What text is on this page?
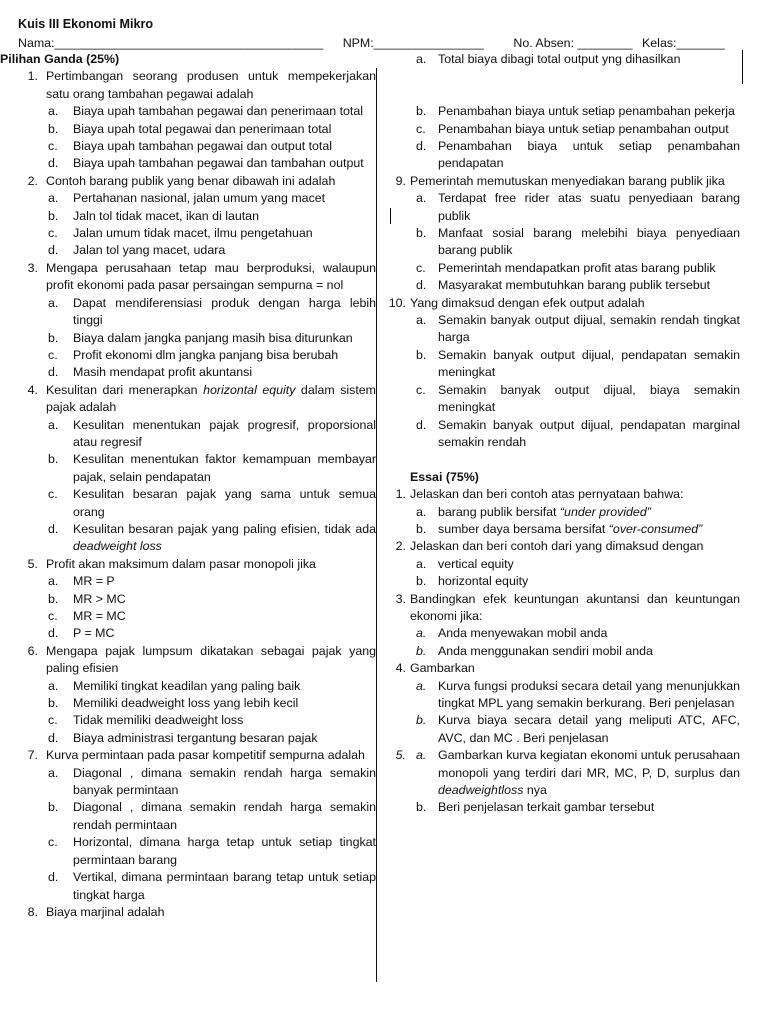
Kuis III Ekonomi Mikro
Nama:_______________________________________ NPM:________________ No. Absen: ________ Kelas:_______
Pilihan Ganda (25%)
1. Pertimbangan seorang produsen untuk mempekerjakan satu orang tambahan pegawai adalah
a. Biaya upah tambahan pegawai dan penerimaan total
b. Biaya upah total pegawai dan penerimaan total
c. Biaya upah tambahan pegawai dan output total
d. Biaya upah tambahan pegawai dan tambahan output
2. Contoh barang publik yang benar dibawah ini adalah
a. Pertahanan nasional, jalan umum yang macet
b. Jaln tol tidak macet, ikan di lautan
c. Jalan umum tidak macet, ilmu pengetahuan
d. Jalan tol yang macet, udara
3. Mengapa perusahaan tetap mau berproduksi, walaupun profit ekonomi pada pasar persaingan sempurna = nol
a. Dapat mendiferensiasi produk dengan harga lebih tinggi
b. Biaya dalam jangka panjang masih bisa diturunkan
c. Profit ekonomi dlm jangka panjang bisa berubah
d. Masih mendapat profit akuntansi
4. Kesulitan dari menerapkan horizontal equity dalam sistem pajak adalah
a. Kesulitan menentukan pajak progresif, proporsional atau regresif
b. Kesulitan menentukan faktor kemampuan membayar pajak, selain pendapatan
c. Kesulitan besaran pajak yang sama untuk semua orang
d. Kesulitan besaran pajak yang paling efisien, tidak ada deadweight loss
5. Profit akan maksimum dalam pasar monopoli jika
a. MR = P
b. MR > MC
c. MR = MC
d. P = MC
6. Mengapa pajak lumpsum dikatakan sebagai pajak yang paling efisien
a. Memiliki tingkat keadilan yang paling baik
b. Memiliki deadweight loss yang lebih kecil
c. Tidak memiliki deadweight loss
d. Biaya administrasi tergantung besaran pajak
7. Kurva permintaan pada pasar kompetitif sempurna adalah
a. Diagonal , dimana semakin rendah harga semakin banyak permintaan
b. Diagonal , dimana semakin rendah harga semakin rendah permintaan
c. Horizontal, dimana harga tetap untuk setiap tingkat permintaan barang
d. Vertikal, dimana permintaan barang tetap untuk setiap tingkat harga
8. Biaya marjinal adalah
a. Total biaya dibagi total output yng dihasilkan
b. Penambahan biaya untuk setiap penambahan pekerja
c. Penambahan biaya untuk setiap penambahan output
d. Penambahan biaya untuk setiap penambahan pendapatan
9. Pemerintah memutuskan menyediakan barang publik jika
a. Terdapat free rider atas suatu penyediaan barang publik
b. Manfaat sosial barang melebihi biaya penyediaan barang publik
c. Pemerintah mendapatkan profit atas barang publik
d. Masyarakat membutuhkan barang publik tersebut
10. Yang dimaksud dengan efek output adalah
a. Semakin banyak output dijual, semakin rendah tingkat harga
b. Semakin banyak output dijual, pendapatan semakin meningkat
c. Semakin banyak output dijual, biaya semakin meningkat
d. Semakin banyak output dijual, pendapatan marginal semakin rendah
Essai (75%)
1. Jelaskan dan beri contoh atas pernyataan bahwa:
a. barang publik bersifat “under provided”
b. sumber daya bersama bersifat “over-consumed”
2. Jelaskan dan beri contoh dari yang dimaksud dengan
a. vertical equity
b. horizontal equity
3. Bandingkan efek keuntungan akuntansi dan keuntungan ekonomi jika:
a. Anda menyewakan mobil anda
b. Anda menggunakan sendiri mobil anda
4. Gambarkan
a. Kurva fungsi produksi secara detail yang menunjukkan tingkat MPL yang semakin berkurang. Beri penjelasan
b. Kurva biaya secara detail yang meliputi ATC, AFC, AVC, dan MC . Beri penjelasan
5. a. Gambarkan kurva kegiatan ekonomi untuk perusahaan monopoli yang terdiri dari MR, MC, P, D, surplus dan deadweightloss nya
b. Beri penjelasan terkait gambar tersebut
